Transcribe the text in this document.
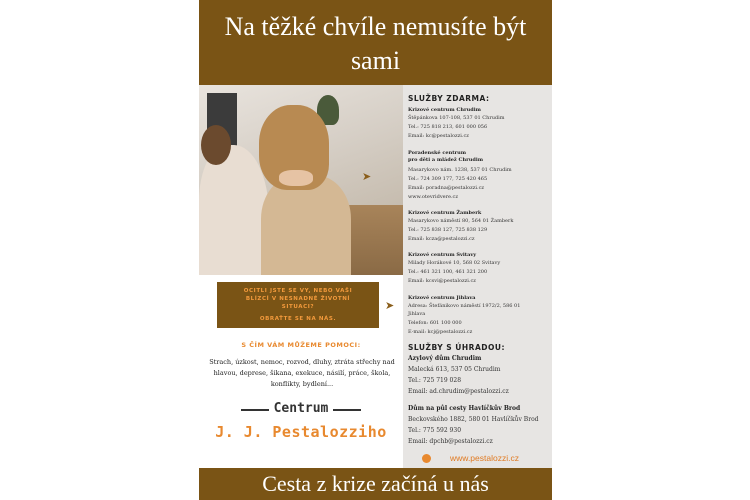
Na těžké chvíle nemusíte být sami
➤
SLUŽBY ZDARMA:
Krizové centrum Chrudim
Štěpánkova 107-108, 537 01 Chrudim
Tel.: 725 818 213, 601 000 056
Email: kc@pestalozzi.cz
Poradenské centrum
pro děti a mládež Chrudim
Masarykovo nám. 1238, 537 01 Chrudim
Tel.: 724 309 177, 725 420 465
Email: poradna@pestalozzi.cz
www.otevridvere.cz
Krizové centrum Žamberk
Masarykovo náměstí 80, 564 01 Žamberk
Tel.: 725 838 127, 725 838 129
Email: kcza@pestalozzi.cz
Krizové centrum Svitavy
Milady Horákové 10, 568 02 Svitavy
Tel.: 461 321 100, 461 321 200
Email: kcsvi@pestalozzi.cz
Krizové centrum Jihlava
Adresa: Štefánikovo náměstí 1972/2, 586 01
Jihlava
Telefon: 601 100 000
E-mail: kcj@pestalozzi.cz
SLUŽBY S ÚHRADOU:
Azylový dům Chrudim
Malecká 613, 537 05 Chrudim
Tel.: 725 719 028
Email: ad.chrudim@pestalozzi.cz
Dům na půl cesty Havlíčkův Brod
Beckovského 1882, 580 01 Havlíčkův Brod
Tel.: 775 592 930
Email: dpchb@pestalozzi.cz
www.pestalozzi.cz
OCITLI JSTE SE VY, NEBO VAŠI
BLÍZCÍ V NESNADNÉ ŽIVOTNÍ
SITUACI?
OBRAŤTE SE NA NÁS.
➤
S ČÍM VÁM MŮŽEME POMOCI:
Strach, úzkost, nemoc, rozvod, dluhy, ztráta střechy nad hlavou, deprese, šikana, exekuce, násilí, práce, škola, konflikty, bydlení...
Centrum
J. J. Pestalozziho
Cesta z krize začíná u nás
